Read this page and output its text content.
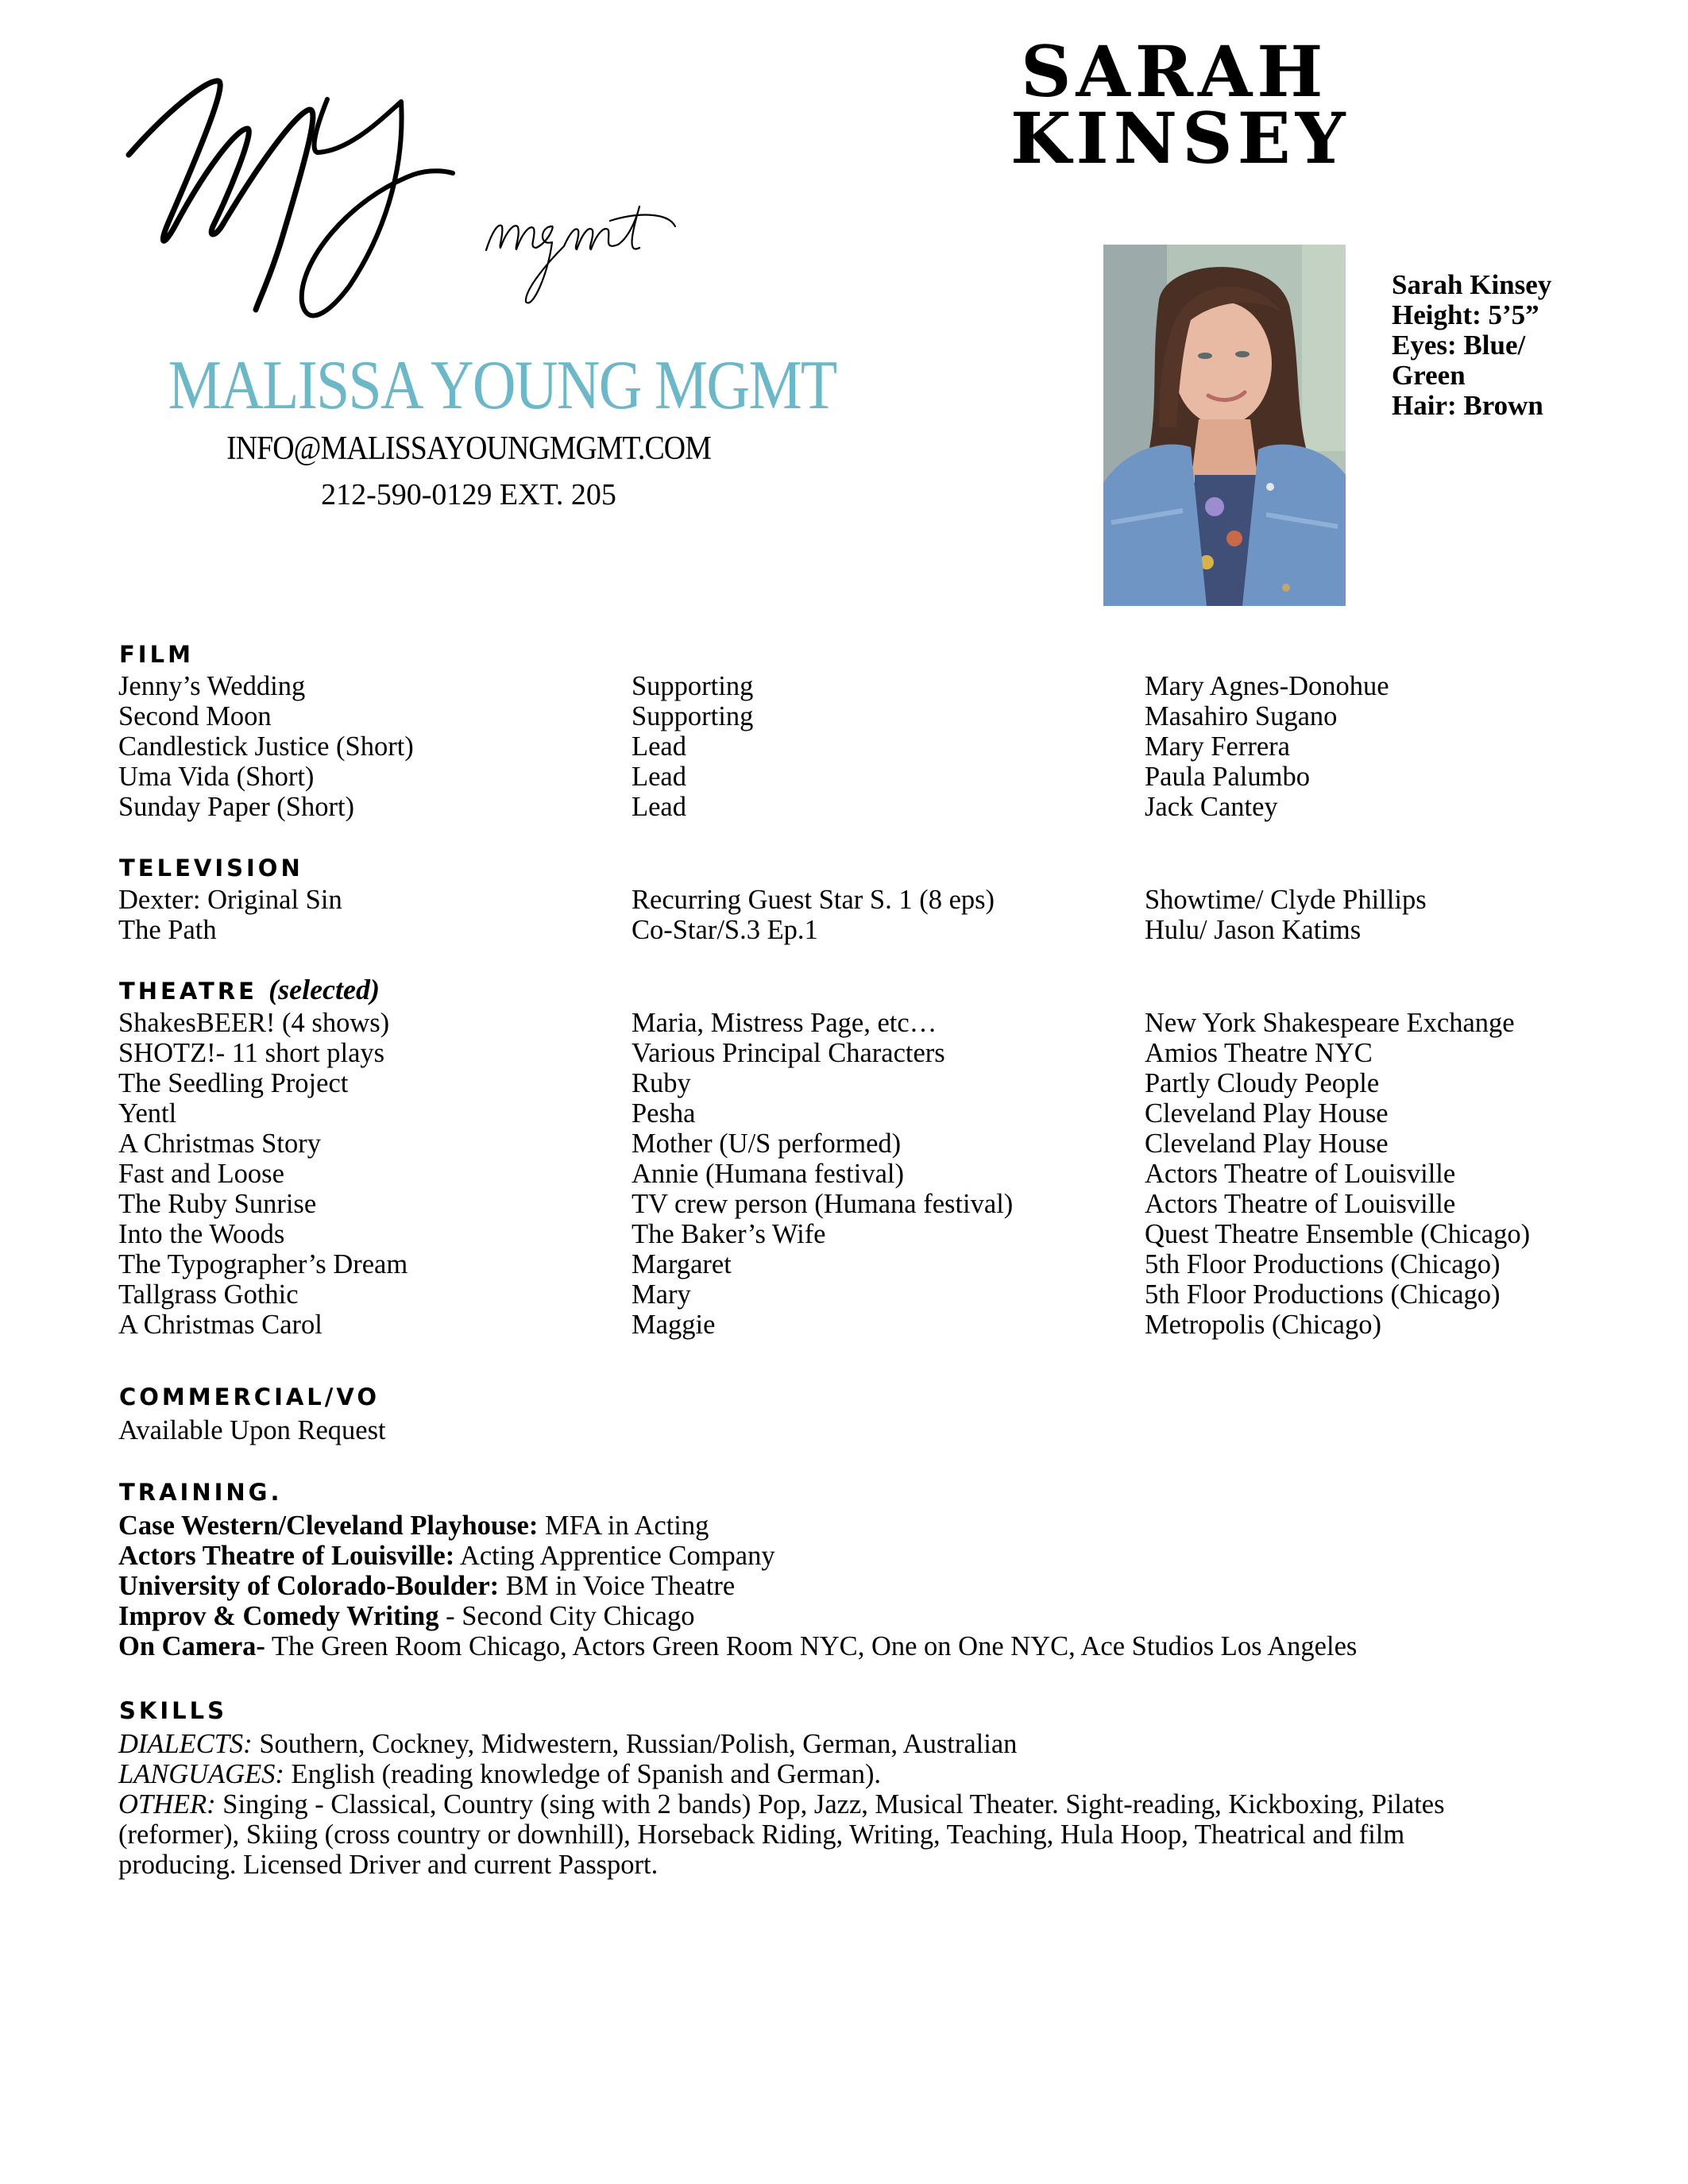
MALISSA YOUNG MGMT
INFO@MALISSAYOUNGMGMT.COM
212-590-0129 EXT. 205
SARAH
KINSEY
Sarah Kinsey
Height: 5’5”
Eyes: Blue/
Green
Hair: Brown
FILM
Jenny’s Wedding	Supporting	Mary Agnes-Donohue
Second Moon	Supporting	Masahiro Sugano
Candlestick Justice (Short)	Lead	Mary Ferrera
Uma Vida (Short)	Lead	Paula Palumbo
Sunday Paper (Short)	Lead	Jack Cantey
TELEVISION
Dexter: Original Sin	Recurring Guest Star S. 1 (8 eps)	Showtime/ Clyde Phillips
The Path	Co-Star/S.3 Ep.1	Hulu/ Jason Katims
THEATRE (selected)
ShakesBEER! (4 shows)	Maria, Mistress Page, etc…	New York Shakespeare Exchange
SHOTZ!- 11 short plays	Various Principal Characters	Amios Theatre NYC
The Seedling Project	Ruby	Partly Cloudy People
Yentl	Pesha	Cleveland Play House
A Christmas Story	Mother (U/S performed)	Cleveland Play House
Fast and Loose	Annie (Humana festival)	Actors Theatre of Louisville
The Ruby Sunrise	TV crew person (Humana festival)	Actors Theatre of Louisville
Into the Woods	The Baker’s Wife	Quest Theatre Ensemble (Chicago)
The Typographer’s Dream	Margaret	5th Floor Productions (Chicago)
Tallgrass Gothic	Mary	5th Floor Productions (Chicago)
A Christmas Carol	Maggie	Metropolis (Chicago)
COMMERCIAL/VO
Available Upon Request
TRAINING.
Case Western/Cleveland Playhouse: MFA in Acting
Actors Theatre of Louisville: Acting Apprentice Company
University of Colorado-Boulder: BM in Voice Theatre
Improv & Comedy Writing - Second City Chicago
On Camera- The Green Room Chicago, Actors Green Room NYC, One on One NYC, Ace Studios Los Angeles
SKILLS
DIALECTS: Southern, Cockney, Midwestern, Russian/Polish, German, Australian
LANGUAGES: English (reading knowledge of Spanish and German).
OTHER: Singing - Classical, Country (sing with 2 bands) Pop, Jazz, Musical Theater. Sight-reading, Kickboxing, Pilates
(reformer), Skiing (cross country or downhill), Horseback Riding, Writing, Teaching, Hula Hoop, Theatrical and film
producing. Licensed Driver and current Passport.
